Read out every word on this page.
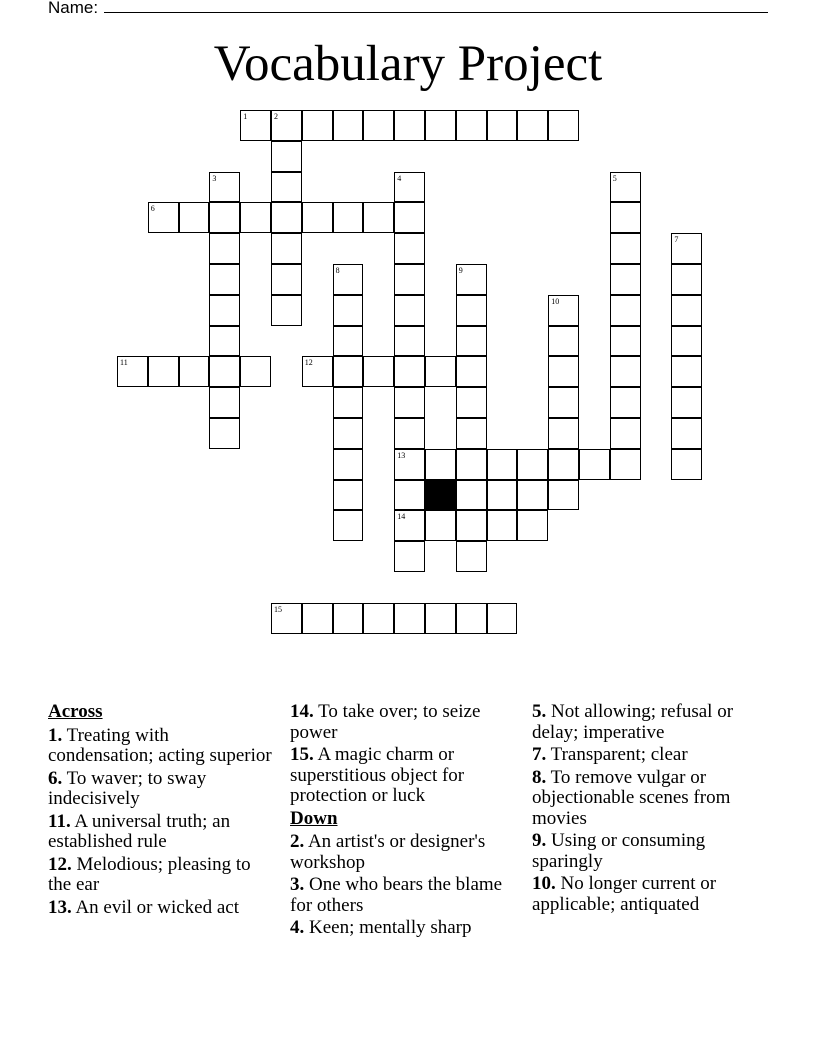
Name:
Vocabulary Project
1	2
3	4	5
6
7
8	9
10
11	12
13
14
15
Across
1. Treating with condensation; acting superior
6. To waver; to sway indecisively
11. A universal truth; an established rule
12. Melodious; pleasing to the ear
13. An evil or wicked act
14. To take over; to seize power
15. A magic charm or superstitious object for protection or luck
Down
2. An artist's or designer's workshop
3. One who bears the blame for others
4. Keen; mentally sharp
5. Not allowing; refusal or delay; imperative
7. Transparent; clear
8. To remove vulgar or objectionable scenes from movies
9. Using or consuming sparingly
10. No longer current or applicable; antiquated
